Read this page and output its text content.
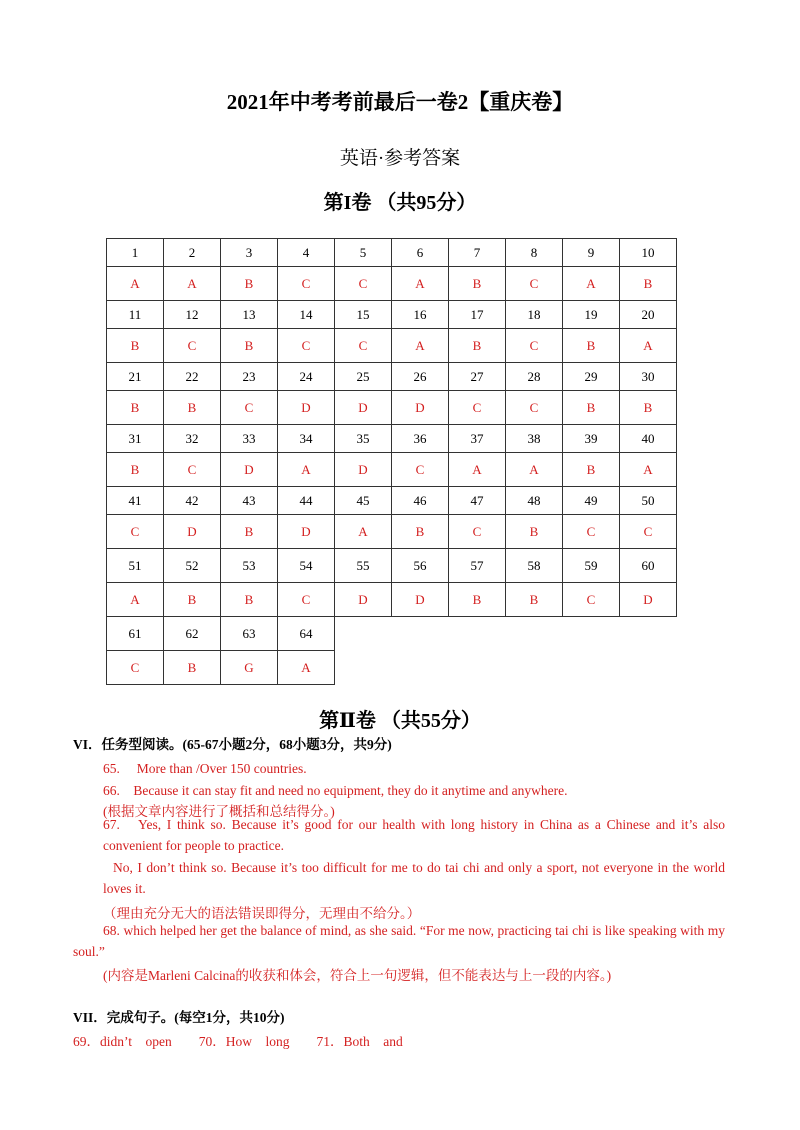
2021年中考考前最后一卷2【重庆卷】
英语·参考答案
第I卷 （共95分）
1	2	3	4	5	6	7	8	9	10
A	A	B	C	C	A	B	C	A	B
11	12	13	14	15	16	17	18	19	20
B	C	B	C	C	A	B	C	B	A
21	22	23	24	25	26	27	28	29	30
B	B	C	D	D	D	C	C	B	B
31	32	33	34	35	36	37	38	39	40
B	C	D	A	D	C	A	A	B	A
41	42	43	44	45	46	47	48	49	50
C	D	B	D	A	B	C	B	C	C
51	52	53	54	55	56	57	58	59	60
A	B	B	C	D	D	B	B	C	D
61	62	63	64						
C	B	G	A						
第Ⅱ卷 （共55分）
VI．任务型阅读。(65-67小题2分，68小题3分，共9分)
65.　 More than /Over 150 countries.
66.　Because it can stay fit and need no equipment, they do it anytime and anywhere.
(根据文章内容进行了概括和总结得分。)
67.　Yes, I think so. Because it’s good for our health with long history in China as a Chinese and it’s also convenient for people to practice.
No, I don’t think so. Because it’s too difficult for me to do tai chi and only a sport, not everyone in the world loves it.
（理由充分无大的语法错误即得分，无理由不给分。）
68. which helped her get the balance of mind, as she said. “For me now, practicing tai chi is like speaking with my soul.”
(内容是Marleni Calcina的收获和体会，符合上一句逻辑，但不能表达与上一段的内容。)
VII．完成句子。(每空1分，共10分)
69．didn’t　open　　70．How　long　　71．Both　and
